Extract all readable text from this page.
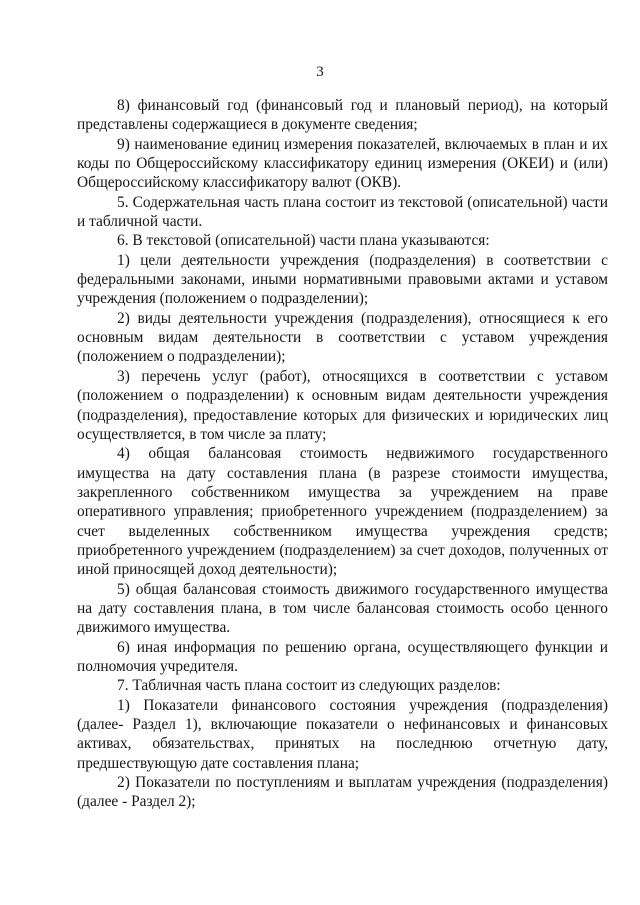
3

8) финансовый год (финансовый год и плановый период), на который представлены содержащиеся в документе сведения;

9) наименование единиц измерения показателей, включаемых в план и их коды по Общероссийскому классификатору единиц измерения (ОКЕИ) и (или) Общероссийскому классификатору валют (ОКВ).

5. Содержательная часть плана состоит из текстовой (описательной) части и табличной части.

6. В текстовой (описательной) части плана указываются:

1) цели деятельности учреждения (подразделения) в соответствии с федеральными законами, иными нормативными правовыми актами и уставом учреждения (положением о подразделении);

2) виды деятельности учреждения (подразделения), относящиеся к его основным видам деятельности в соответствии с уставом учреждения (положением о подразделении);

3) перечень услуг (работ), относящихся в соответствии с уставом (положением о подразделении) к основным видам деятельности учреждения (подразделения), предоставление которых для физических и юридических лиц осуществляется, в том числе за плату;

4) общая балансовая стоимость недвижимого государственного имущества на дату составления плана (в разрезе стоимости имущества, закрепленного собственником имущества за учреждением на праве оперативного управления; приобретенного учреждением (подразделением) за счет выделенных собственником имущества учреждения средств; приобретенного учреждением (подразделением) за счет доходов, полученных от иной приносящей доход деятельности);

5) общая балансовая стоимость движимого государственного имущества на дату составления плана, в том числе балансовая стоимость особо ценного движимого имущества.

6) иная информация по решению органа, осуществляющего функции и полномочия учредителя.

7. Табличная часть плана состоит из следующих разделов:

1) Показатели финансового состояния учреждения (подразделения) (далее- Раздел 1), включающие показатели о нефинансовых и финансовых активах, обязательствах, принятых на последнюю отчетную дату, предшествующую дате составления плана;

2) Показатели по поступлениям и выплатам учреждения (подразделения) (далее - Раздел 2);
